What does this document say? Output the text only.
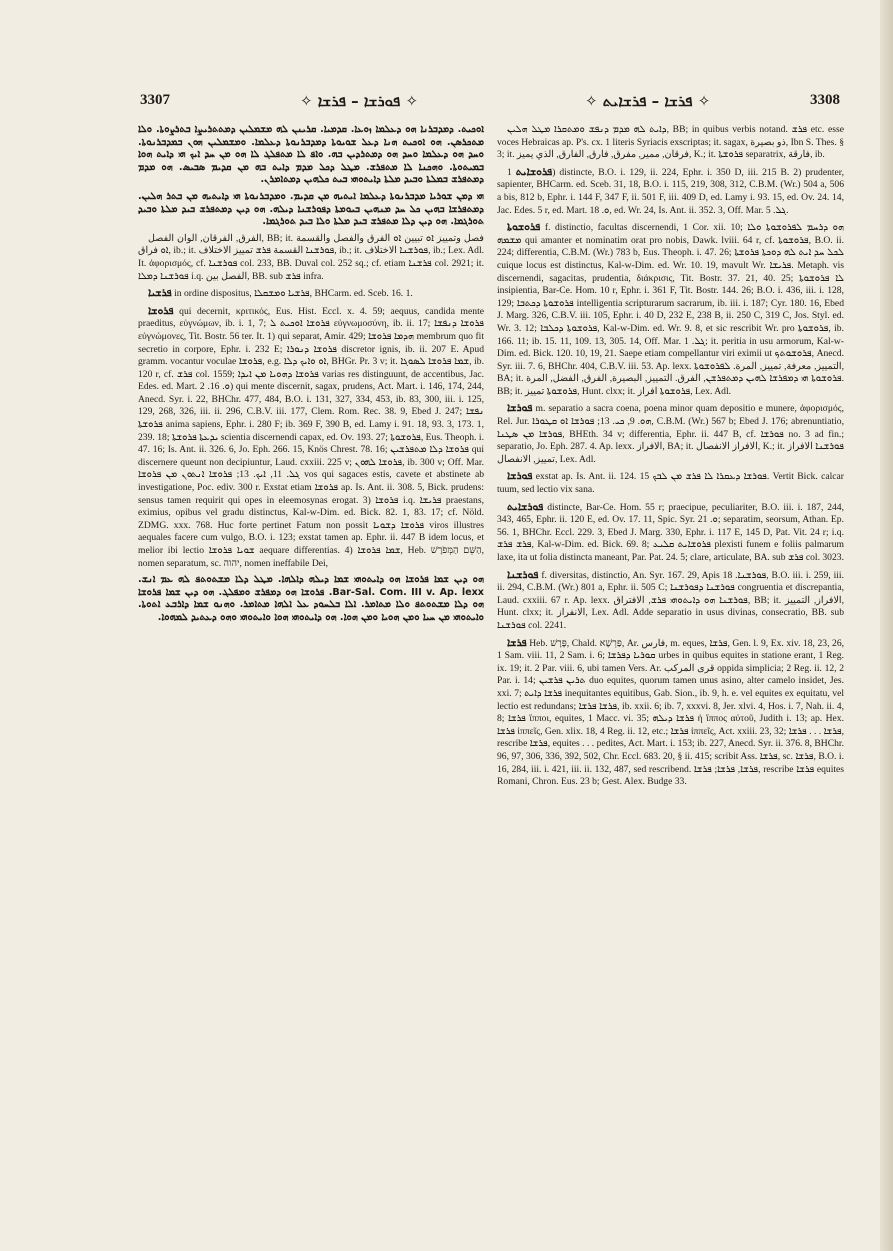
3307	✧ ܦܘܪܫܐ – ܦܪܫܐ ✧	✧ ܦܪܫܐ – ܦܪܫܐܝܬ ✧	3308

ܐܘܟܝܬ. ܕܡܕܒܪܢܐ ܗܘ ܕܥܠܡܐ ܙܘܥܐ. ܩܕܡܝܐ. ܩܪܝܢܢ ܠܗ ܡܫܡܠܝܢ ܕܡܬܬܪܝܨܐ ܒܬܪܨܘܬܐ. ܘܠܐ ܡܬܟܪܣܢ. ܗܘ ܐܘܟܝܬ ܗܢܐ ܕܥܠ ܫܘܝܘܬܐ ܕܡܕܒܪܢܘܬܐ ܕܥܠܡܐ. ܘܡܫܡܠܝܢ ܗܘܢ ܒܡܕܒܪܢܘܬܐ. ܘܚܕ ܗܘ ܕܥܠܡܐ ܘܚܕ ܗܘ ܕܡܬܪܕܝܢ ܒܗ. ܘܐܦ ܠܐ ܡܬܦܠܓ ܠܐ ܗܘ ܡܢ ܚܕ ܐܝܟ ܗܝ ܕܐܝܬ ܗܘܐ ܒܡܝܬܘܬܐ. ܘܗܟܢܐ ܠܐ ܡܬܦܪܫ. ܡܛܠ ܕܟܠ ܡܕܡ ܕܐܝܬ ܒܗ ܡܢ ܩܕܝܡ ܣܒܝܣ. ܗܘ ܡܕܡ ܕܡܬܦܪܫ ܒܡܠܬܐ ܘܒܝܕ ܡܠܬܐ ܕܐܝܬܘܗܝ ܒܝܬ ܟܠܗܝܢ ܕܡܬܐܡܪܢ.

ܗܝ ܕܡܢ ܫܘܪܝܐ ܡܕܒܪܢܘܬܐ ܕܥܠܡܐ ܐܝܬܝܗ ܡܢ ܩܕܝܡ. ܘܡܕܒܪܢܘܬܐ ܗܝ ܕܐܝܬܝܗ ܡܢ ܒܬܪ ܗܠܝܢ. ܕܡܬܦܪܫܐ ܒܗܝܢ ܟܠ ܚܕ ܡܢܗܝܢ ܒܝܘܡܬܐ ܕܦܘܪܫܢܐ ܕܝܠܗ. ܗܘ ܕܝܢ ܕܡܬܦܪܫ ܒܝܕ ܡܠܬܐ ܘܒܝܕ ܬܘܪܓܡܐ. ܗܘ ܕܝܢ ܕܠܐ ܡܬܦܪܫ ܒܝܕ ܡܠܬܐ ܘܠܐ ܒܝܕ ܬܘܪܓܡܐ.

الفرق, الفرقان, الوان الفصل, BB; it. فصل وتمييز ܐܘ تبيين ܐܘ الفرق والفصل والقسمة ܐܘ فراق, ib.; it. ܦܘܪܫܢܐ القسمة ܦܪܫ تمييز الاختلاف, ib.; it. ܦܘܪܫܢܐ الاختلاف, ib.; Lex. Adl. It. ἀφορισμός, cf. ܦܘܪܫܢܐ col. 233, BB. Duval col. 252 sq.; cf. etiam ܦܪܫܢܐ col. 2921; it. ܦܘܪܫܢܐ ܕܡܠܐ i.q. الفصل بين, BB. sub ܦܪܫ infra.

ܦܪܫܝܐ in ordine dispositus, ܦܪܫܝܐ ܘܡܫܩܠܐ, BHCarm. ed. Sceb. 16. 1.

ܦܪܘܫܐ qui decernit, κριτικός, Eus. Hist. Eccl. x. 4. 59; aequus, candida mente praeditus, εὐγνώμων, ib. i. 1, 7; ܦܪܘܫܐ ܐܘܟܝܬ ܠ εὐγνωμοσύνη, ib. ii. 17; ܦܪܘܫܐ ܕܢܦܫܐ εὐγνώμονες, Tit. Bostr. 56 ter. It. 1) qui separat, Amir. 429; ܗܕܡܐ ܦܪܘܫܐ membrum quo fit secretio in corpore, Ephr. i. 232 E; ܦܪܘܫܐ ܕܢܘܪܐ discretor ignis, ib. ii. 207 E. Apud gramm. vocantur voculae ܦܪܘܫܐ, e.g. ܐܘ ܘܐܝܟ ܕܠܐ, BHGr. Pr. 3 v; it. ܫܡܐ ܦܪܘܫܐ ܠܣܘܓܐ, ib. 120 r, cf. ܦܪܫ col. 1559; ܦܪܘܫܐ ܕܗܘܝܐ ܡܢ ܐܝܕܐ varias res distinguunt, de accentibus, Jac. Edes. ed. Mart. ܘ. 16. 2) qui mente discernit, sagax, prudens, Act. Mart. i. 146, 174, 244, Anecd. Syr. i. 22, BHChr. 477, 484, B.O. i. 131, 327, 334, 453, ib. 83, 300, iii. i. 125, 129, 268, 326, iii. ii. 296, C.B.V. iii. 177, Clem. Rom. Rec. 38. 9, Ebed J. 247; ܢܦܫܐ ܦܪܘܫܬܐ anima sapiens, Ephr. i. 280 F; ib. 369 F, 390 B, ed. Lamy i. 91. 18, 93. 3, 173. 1, 239. 18; ܝܕܥܬܐ ܦܪܘܫܬܐ scientia discernendi capax, ed. Ov. 193. 27; ܦܪܘܫܘܬܐ, Eus. Theoph. i. 47. 16; Is. Ant. ii. 326. 6, Jo. Eph. 266. 15, Knös Chrest. 78. 16; ܦܪܘܫܐ ܕܠܐ ܡܬܦܪܫܝܢ qui discernere queunt non decipiuntur, Laud. cxxiii. 225 v; ܦܪܘܫܐ ܠܗܘܢ, ib. 300 v; Off. Mar. ܓܠ. 11, ܐܝܟ. 13; ܦܪܘܫܐ ܐܢܬܘܢ ܡܢ ܦܪܘܫܐ vos qui sagaces estis, cavete et abstinete ab investigatione, Poc. ediv. 300 r. Exstat etiam ܦܪܘܫܐ ap. Is. Ant. ii. 308. 5, Bick. prudens: sensus tamen requirit qui opes in eleemosynas erogat. 3) ܦܪܘܫܐ i.q. ܦܪܝܫܐ praestans, eximius, opibus vel gradu distinctus, Kal-w-Dim. ed. Bick. 82. 1, 83. 17; cf. Nöld. ZDMG. xxx. 768. Huc forte pertinet Fatum non possit ܦܪܘܫܐ ܕܫܘܝܐ viros illustres aequales facere cum vulgo, B.O. i. 123; exstat tamen ap. Ephr. ii. 447 B idem locus, et melior ibi lectio ܫܘܝܐ ܦܪܘܫܐ aequare differentias. 4) ܫܡܐ ܦܪܘܫܐ, Heb. הַשֵּׁם הַמְּפֹרָשׁ, nomen separatum, sc. יהוה, nomen ineffabile Dei,

ܗܘ ܕܝܢ ܫܡܐ ܦܪܘܫܐ ܗܘ ܕܐܝܬܘܗܝ ܫܡܐ ܕܝܠܗ ܕܐܠܗܐ. ܡܛܠ ܕܠܐ ܡܫܬܘܬܦ ܠܗ ܥܡ ܐܢܫ. Bar-Sal. Com. III v. Ap. lexx. ܦܪܘܫܐ ܗܘ ܕܡܦܪܫ ܘܡܦܠܓ. ܗܘ ܕܝܢ ܫܡܐ ܦܪܘܫܐ ܗܘ ܕܠܐ ܡܫܬܘܬܦ ܘܠܐ ܡܬܐܡܪ. ܐܠܐ ܒܠܚܘܕ ܥܠ ܐܠܗܐ ܡܬܐܡܪ. ܘܗܢܘ ܫܡܐ ܕܐܪܒܥ ܐܬܘܬܐ. ܘܐܝܬܘܗܝ ܡܢ ܚܝܐ ܘܡܢ ܗܘܝܐ ܘܡܢ ܗܘܐ. ܗܘ ܕܐܝܬܘܗܝ ܗܘܐ ܘܐܝܬܘܗܝ ܘܗܘ ܕܥܬܝܕ ܠܡܗܘܐ.

ܕܐܝܬ ܠܗ ܡܕܡ ܕܢܦܫ ܘܡܬܩܪܐ ܡܛܠ ܗܠܝܢ, BB; in quibus verbis notand. ܦܪܫ etc. esse voces Hebraicas ap. P's. cx. 1 literis Syriacis exscriptas; it. sagax, ذو بصيرة, Ibn S. Thes. § 3; it. فرقان, ممير, مفرق, فارق, الفارق, الذي يميز, K.; it. ܦܪܘܫܬܐ separatrix, فارقة, ib.

ܦܪܘܫܐܝܬ 1) distincte, B.O. i. 129, ii. 224, Ephr. i. 350 D, iii. 215 B. 2) prudenter, sapienter, BHCarm. ed. Sceb. 31, 18, B.O. i. 115, 219, 308, 312, C.B.M. (Wr.) 504 a, 506 a bis, 812 b, Ephr. i. 144 F, 347 F, ii. 501 F, iii. 409 D, ed. Lamy i. 93. 15, ed. Ov. 24. 14, Jac. Edes. 5 r, ed. Mart. ܘ. 18, ed. Wr. 24, Is. Ant. ii. 352. 3, Off. Mar. ܓܠ. 5.

ܦܪܘܫܘܬܐ f. distinctio, facultas discernendi, 1 Cor. xii. 10; ܗܘ ܕܪܚܡ ܠܦܪܘܫܘܬܐ ܘܠܐ ܡܫܡܗ qui amanter et nominatim orat pro nobis, Dawk. lviii. 64 r, cf. ܦܪܘܫܘܬܐ, B.O. ii. 224; differentia, C.B.M. (Wr.) 783 b, Eus. Theoph. i. 47. 26; ܠܟܠ ܚܕ ܐܝܬ ܠܗ ܕܘܟܬܐ ܦܪܘܫܬܐ cuique locus est distinctus, Kal-w-Dim. ed. Wr. 10. 19, mavult Wr. ܦܪܝܫܐ. Metaph. vis discernendi, sagacitas, prudentia, διάκρισις, Tit. Bostr. 37. 21, 40. 25; ܠܐ ܦܪܘܫܘܬܐ insipientia, Bar-Ce. Hom. 10 r, Ephr. i. 361 F, Tit. Bostr. 144. 26; B.O. i. 436, iii. i. 128, 129; ܦܪܘܫܘܬܐ ܕܟܬܒܐ intelligentia scripturarum sacrarum, ib. iii. i. 187; Cyr. 180. 16, Ebed J. Marg. 326, C.B.V. iii. 105, Ephr. i. 40 D, 232 E, 238 B, ii. 250 C, 319 C, Jos. Styl. ed. Wr. 3. 12; ܦܪܘܫܘܬܐ ܕܟܠܒܐ, Kal-w-Dim. ed. Wr. 9. 8, et sic rescribit Wr. pro ܦܪܘܫܘܬܐ, ib. 166. 11; ib. 15. 11, 109. 13, 305. 14, Off. Mar. ܓܠ. 1; it. peritia in usu armorum, Kal-w-Dim. ed. Bick. 120. 10, 19, 21. Saepe etiam compellantur viri eximii ut ܦܪܘܫܘܬܟ, Anecd. Syr. iii. 7. 6, BHChr. 404, C.B.V. iii. 53. Ap. lexx. التمييز, معرفة, تمييز, المرة. ܠܦܪܘܫܘܬܐ, BA; it. ܦܪܘܫܘܬܐ ܗܝ ܕܡܦܪܫܐ ܠܗܝܢ ܕܡܬܦܪܫܢ, الفرق. التمييز, البصيرة, الفرق, الفضل, المرة. BB; it. ܦܪܘܫܘܬܐ تمييز, Hunt. clxx; it. ܦܪܘܫܘܬܐ افراز, Lex. Adl.

ܦܘܪܫܐ m. separatio a sacra coena, poena minor quam depositio e munere, ἀφορισμός, Rel. Jur. ܗܘ. 9, ܟܝ. 13; ܦܘܪܫܐ ܐܘ ܩܛܘܪܐ, C.B.M. (Wr.) 567 b; Ebed J. 176; abrenuntiatio, ܦܘܪܫܐ ܡܢ ܣܛܢܐ, BHEth. 34 v; differentia, Ephr. ii. 447 B, cf. ܦܘܪܫܐ no. 3 ad fin.; separatio, Jo. Eph. 287. 4. Ap. lexx. الافراز, BA; it. الافراز الانفصال, K.; it. ܦܘܪܫܢܐ الافراز تمييز, الانفصال, Lex. Adl.

ܦܘܪܫܐ exstat ap. Is. Ant. ii. 124. 15 ܦܘܪܫܐ ܕܥܩܪܐ ܠܐ ܦܪܫ ܡܢ ܠܒܟ. Vertit Bick. calcar tuum, sed lectio vix sana.

ܦܘܪܫܐܝܬ distincte, Bar-Ce. Hom. 55 r; praecipue, peculiariter, B.O. iii. i. 187, 244, 343, 465, Ephr. ii. 120 E, ed. Ov. 17. 11, Spic. Syr. ܘ. 21; separatim, seorsum, Athan. Ep. 56. 1, BHChr. Eccl. 229. 3, Ebed J. Marg. 330, Ephr. i. 117 E, 145 D, Pat. Vit. 24 r; i.q. ܦܪܫ ܦܪܫ, Kal-w-Dim. ed. Bick. 69. 8; ܦܪܘܫܐܝܬ ܩܠܝܥ plexisti funem e foliis palmarum laxe, ita ut folia distincta maneant, Par. Pat. 24. 5; clare, articulate, BA. sub ܦܪܫ col. 3023.

ܦܘܪܫܢܐ f. diversitas, distinctio, An. Syr. 167. 29, Apis ܦܘܪܫܢܐ. 18, B.O. iii. i. 259, iii. ii. 294, C.B.M. (Wr.) 801 a, Ephr. ii. 505 C; ܦܘܪܫܢܐ ܕܦܘܪܫܢܐ congruentia et discrepantia, Laud. cxxiii. 67 r. Ap. lexx. ܦܘܪܫܢܐ ܗܘ ܕܐܝܬܘܗܝ ܦܪܫ, الافتراق, BB; it. الافراز, التمييز, Hunt. clxx; it. الانفراز, Lex. Adl. Adde separatio in usus divinas, consecratio, BB. sub ܦܘܪܫܢܐ col. 2241.

ܦܪܫܐ Heb. פָּרָשׁ, Chald. פַּרְשָׁא, Ar. فارس, m. eques, ܦܪܫܐ, Gen. l. 9, Ex. xiv. 18, 23, 26, 1 Sam. viii. 11, 2 Sam. i. 6; ܩܘܪܝܐ ܕܦܪܫܐ urbes in quibus equites in statione erant, 1 Reg. ix. 19; it. 2 Par. viii. 6, ubi tamen Vers. Ar. قرى المركب oppida simplicia; 2 Reg. ii. 12, 2 Par. i. 14; ܬܪܝܢ ܦܪܫܝܢ duo equites, quorum tamen unus asino, alter camelo insidet, Jes. xxi. 7; ܦܪܫܐ ܕܐܝܬ inequitantes equitibus, Gab. Sion., ib. 9, h. e. vel equites ex equitatu, vel lectio est redundans; ܦܪܫܐ ܦܪܫܐ, ib. xxii. 6; ib. 7, xxxvi. 8, Jer. xlvi. 4, Hos. i. 7, Nah. ii. 4, 8; ܦܪܫܐ ἵπποι, equites, 1 Macc. vi. 35; ܦܪܫܐ ܕܝܠܗ ἡ ἵππος αὐτοῦ, Judith i. 13; ap. Hex. ܦܪܫܐ ἱππεῖς, Gen. xlix. 18, 4 Reg. ii. 12, etc.; ܦܪܫܐ ἱππεῖς, Act. xxiii. 23, 32; ܦܪܫܐ . . . ܦܪܫܐ, rescribe ܦܪܫܐ, equites . . . pedites, Act. Mart. i. 153; ib. 227, Anecd. Syr. ii. 376. 8, BHChr. 96, 97, 306, 336, 392, 502, Chr. Eccl. 683. 20, § ii. 415; scribit Ass. ܦܪܫܐ, sc. ܦܪܫܐ, B.O. i. 16, 284, iii. i. 421, iii. ii. 132, 487, sed rescribend. ܦܪܫܐ, ܦܪܫܐ; ܦܪܫܐ, rescribe ܦܪܫܐ equites Romani, Chron. Eus. 23 b; Gest. Alex. Budge 33.
